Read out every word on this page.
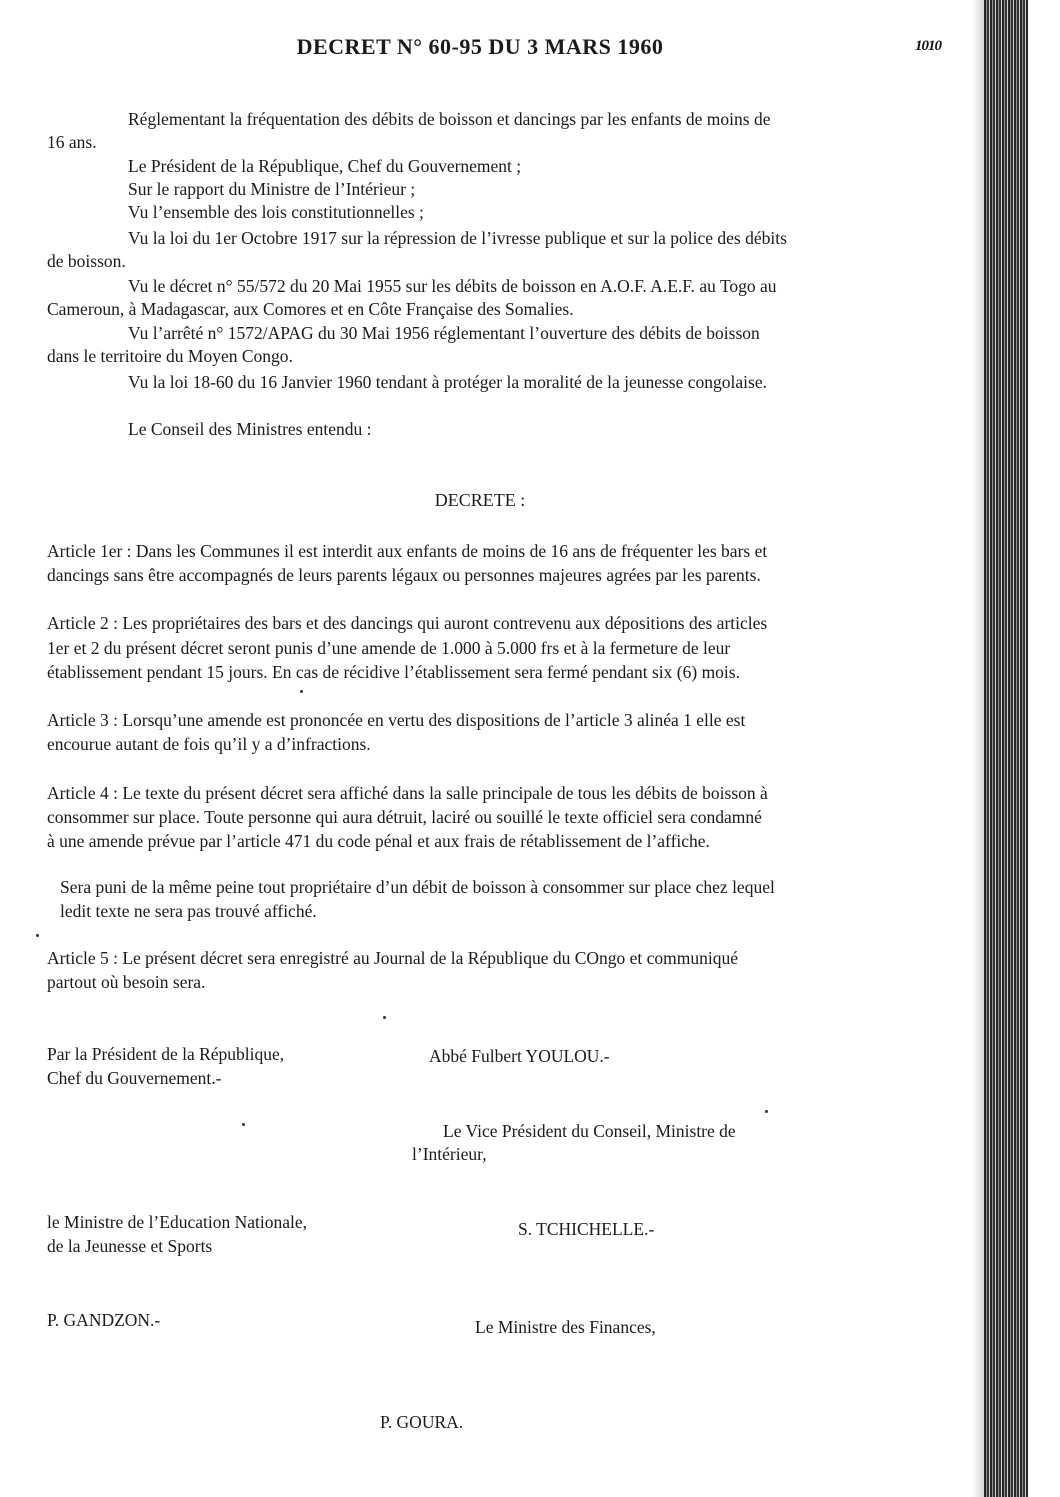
DECRET N° 60-95 DU 3 MARS 1960	1010
Réglementant la fréquentation des débits de boisson et dancings par les enfants de moins de
16 ans.
Le Président de la République, Chef du Gouvernement ;
Sur le rapport du Ministre de l’Intérieur ;
Vu l’ensemble des lois constitutionnelles ;
Vu la loi du 1er Octobre 1917 sur la répression de l’ivresse publique et sur la police des débits
de boisson.
Vu le décret n° 55/572 du 20 Mai 1955 sur les débits de boisson en A.O.F. A.E.F. au Togo au
Cameroun, à Madagascar, aux Comores et en Côte Française des Somalies.
Vu l’arrêté n° 1572/APAG du 30 Mai 1956 réglementant l’ouverture des débits de boisson
dans le territoire du Moyen Congo.
Vu la loi 18-60 du 16 Janvier 1960 tendant à protéger la moralité de la jeunesse congolaise.
Le Conseil des Ministres entendu :
DECRETE :
Article 1er : Dans les Communes il est interdit aux enfants de moins de 16 ans de fréquenter les bars et
dancings sans être accompagnés de leurs parents légaux ou personnes majeures agrées par les parents.
Article 2 : Les propriétaires des bars et des dancings qui auront contrevenu aux dépositions des articles
1er et 2 du présent décret seront punis d’une amende de 1.000 à 5.000 frs et à la fermeture de leur
établissement pendant 15 jours. En cas de récidive l’établissement sera fermé pendant six (6) mois.
Article 3 : Lorsqu’une amende est prononcée en vertu des dispositions de l’article 3 alinéa 1 elle est
encourue autant de fois qu’il y a d’infractions.
Article 4 : Le texte du présent décret sera affiché dans la salle principale de tous les débits de boisson à
consommer sur place. Toute personne qui aura détruit, laciré ou souillé le texte officiel sera condamné
à une amende prévue par l’article 471 du code pénal et aux frais de rétablissement de l’affiche.
Sera puni de la même peine tout propriétaire d’un débit de boisson à consommer sur place chez lequel
ledit texte ne sera pas trouvé affiché.
Article 5 : Le présent décret sera enregistré au Journal de la République du COngo et communiqué
partout où besoin sera.
Par la Président de la République,
Chef du Gouvernement.-
Abbé Fulbert YOULOU.-
Le Vice Président du Conseil, Ministre de
l’Intérieur,
le Ministre de l’Education Nationale,
de la Jeunesse et Sports
S. TCHICHELLE.-
P. GANDZON.-	Le Ministre des Finances,
P. GOURA.
